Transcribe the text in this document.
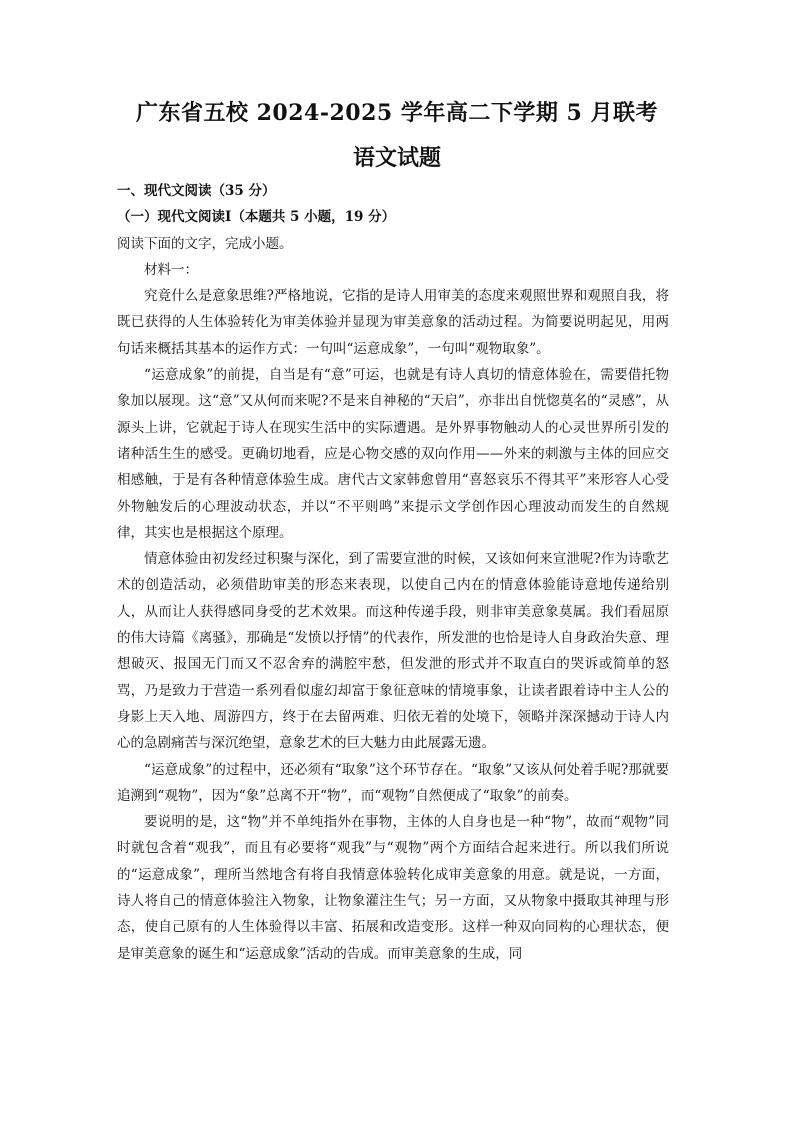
广东省五校 2024-2025 学年高二下学期 5 月联考
语文试题

一、现代文阅读（35 分）

（一）现代文阅读Ⅰ（本题共 5 小题，19 分）

阅读下面的文字，完成小题。

材料一：

究竟什么是意象思维?严格地说，它指的是诗人用审美的态度来观照世界和观照自我，将既已获得的人生体验转化为审美体验并显现为审美意象的活动过程。为简要说明起见，用两句话来概括其基本的运作方式：一句叫“运意成象”，一句叫“观物取象”。

“运意成象”的前提，自当是有“意”可运，也就是有诗人真切的情意体验在，需要借托物象加以展现。这“意”又从何而来呢?不是来自神秘的“天启”，亦非出自恍惚莫名的“灵感”，从源头上讲，它就起于诗人在现实生活中的实际遭遇。是外界事物触动人的心灵世界所引发的诸种活生生的感受。更确切地看，应是心物交感的双向作用——外来的刺激与主体的回应交相感触，于是有各种情意体验生成。唐代古文家韩愈曾用“喜怒哀乐不得其平”来形容人心受外物触发后的心理波动状态，并以“不平则鸣”来提示文学创作因心理波动而发生的自然规律，其实也是根据这个原理。

情意体验由初发经过积聚与深化，到了需要宣泄的时候，又该如何来宣泄呢?作为诗歌艺术的创造活动，必须借助审美的形态来表现，以使自己内在的情意体验能诗意地传递给别人，从而让人获得感同身受的艺术效果。而这种传递手段，则非审美意象莫属。我们看屈原的伟大诗篇《离骚》，那确是“发愤以抒情”的代表作，所发泄的也恰是诗人自身政治失意、理想破灭、报国无门而又不忍舍弃的满腔牢愁，但发泄的形式并不取直白的哭诉或简单的怒骂，乃是致力于营造一系列看似虚幻却富于象征意味的情境事象，让读者跟着诗中主人公的身影上天入地、周游四方，终于在去留两难、归依无着的处境下，领略并深深撼动于诗人内心的急剧痛苦与深沉绝望，意象艺术的巨大魅力由此展露无遗。

“运意成象”的过程中，还必须有“取象”这个环节存在。“取象”又该从何处着手呢?那就要追溯到“观物”，因为“象”总离不开“物”，而“观物”自然便成了“取象”的前奏。

要说明的是，这“物”并不单纯指外在事物，主体的人自身也是一种“物”，故而“观物”同时就包含着“观我”，而且有必要将“观我”与“观物”两个方面结合起来进行。所以我们所说的“运意成象”，理所当然地含有将自我情意体验转化成审美意象的用意。就是说，一方面，诗人将自己的情意体验注入物象，让物象灌注生气；另一方面，又从物象中摄取其神理与形态，使自己原有的人生体验得以丰富、拓展和改造变形。这样一种双向同构的心理状态，便是审美意象的诞生和“运意成象”活动的告成。而审美意象的生成，同
